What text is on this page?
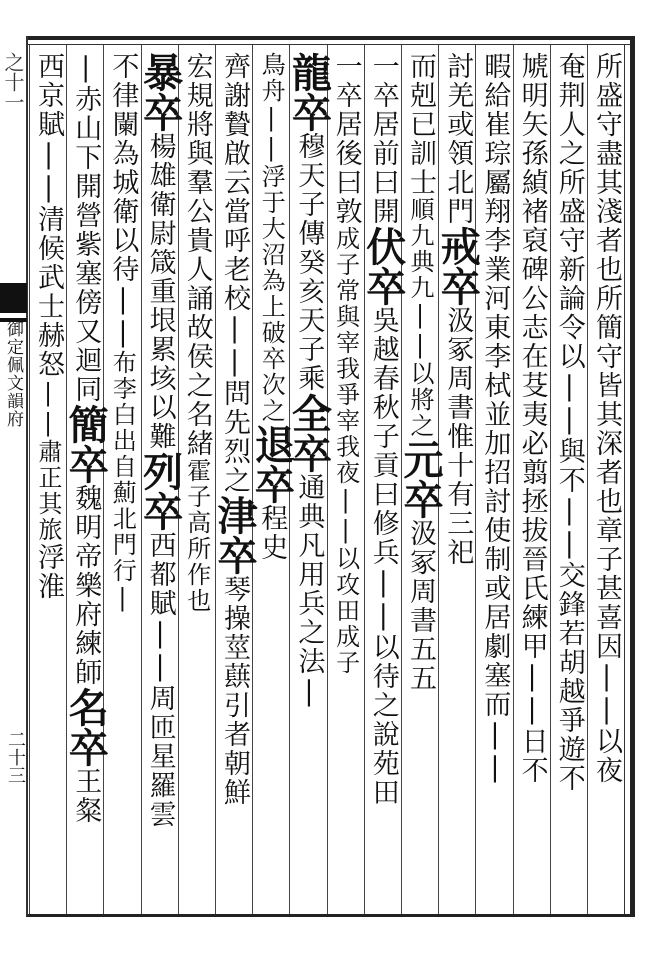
之十一
御定佩文韻府
二十三	所盛守盡其淺者也所簡守皆其深者也章子甚喜因||以夜
奄荆人之所盛守新論令以||與不||交鋒若胡越爭遊不
虓明矢孫緽褚裒碑公志在芟夷必翦拯拔晉氏練甲||日不
暇給崔琮屬翔李業河東李栻並加招討使制或居劇塞而||
討羌或領北門戒卒汲冢周書惟十有三祀
而剋已訓士順九典九||以將之元卒汲冢周書五五
一卒居前曰開伏卒吳越春秋子貢曰修兵||以待之說苑田
一卒居後曰敦成子常與宰我爭宰我夜||以攻田成子
龍卒穆天子傳癸亥天子乘全卒通典凡用兵之法|
鳥舟||浮于大沼為上破卒次之退卒程史
齊謝贄啟云當呼老校||問先烈之津卒琴操莖蕻引者朝鮮
宏規將與羣公貴人誦故侯之名緒霍子高所作也
暴卒楊雄衛尉箴重垠累垓以難列卒西都賦||周匝星羅雲
不律闌為城衛以待||布李白出自薊北門行|
|赤山下開營紫塞傍又迴同簡卒魏明帝樂府練師名卒王粲
西京賦||清候武士赫怒||肅正其旅浮淮
